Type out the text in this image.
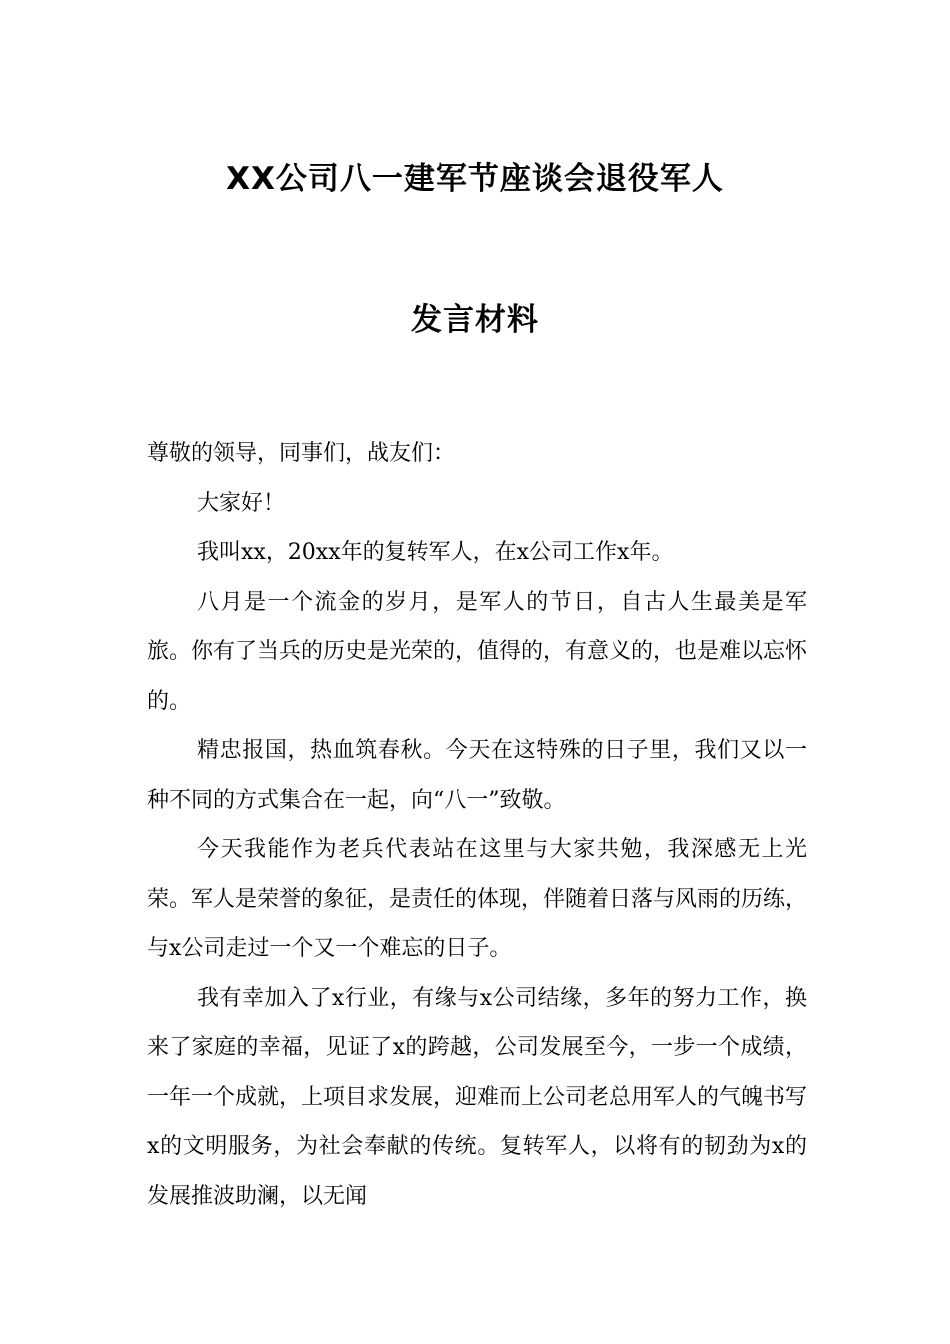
XX公司八一建军节座谈会退役军人
发言材料

尊敬的领导，同事们，战友们：

大家好！

我叫xx，20xx年的复转军人，在x公司工作x年。

八月是一个流金的岁月，是军人的节日，自古人生最美是军旅。你有了当兵的历史是光荣的，值得的，有意义的，也是难以忘怀的。

精忠报国，热血筑春秋。今天在这特殊的日子里，我们又以一种不同的方式集合在一起，向“八一”致敬。

今天我能作为老兵代表站在这里与大家共勉，我深感无上光荣。军人是荣誉的象征，是责任的体现，伴随着日落与风雨的历练，与x公司走过一个又一个难忘的日子。

我有幸加入了x行业，有缘与x公司结缘，多年的努力工作，换来了家庭的幸福，见证了x的跨越，公司发展至今，一步一个成绩，一年一个成就，上项目求发展，迎难而上公司老总用军人的气魄书写x的文明服务，为社会奉献的传统。复转军人，以将有的韧劲为x的发展推波助澜，以无闻
